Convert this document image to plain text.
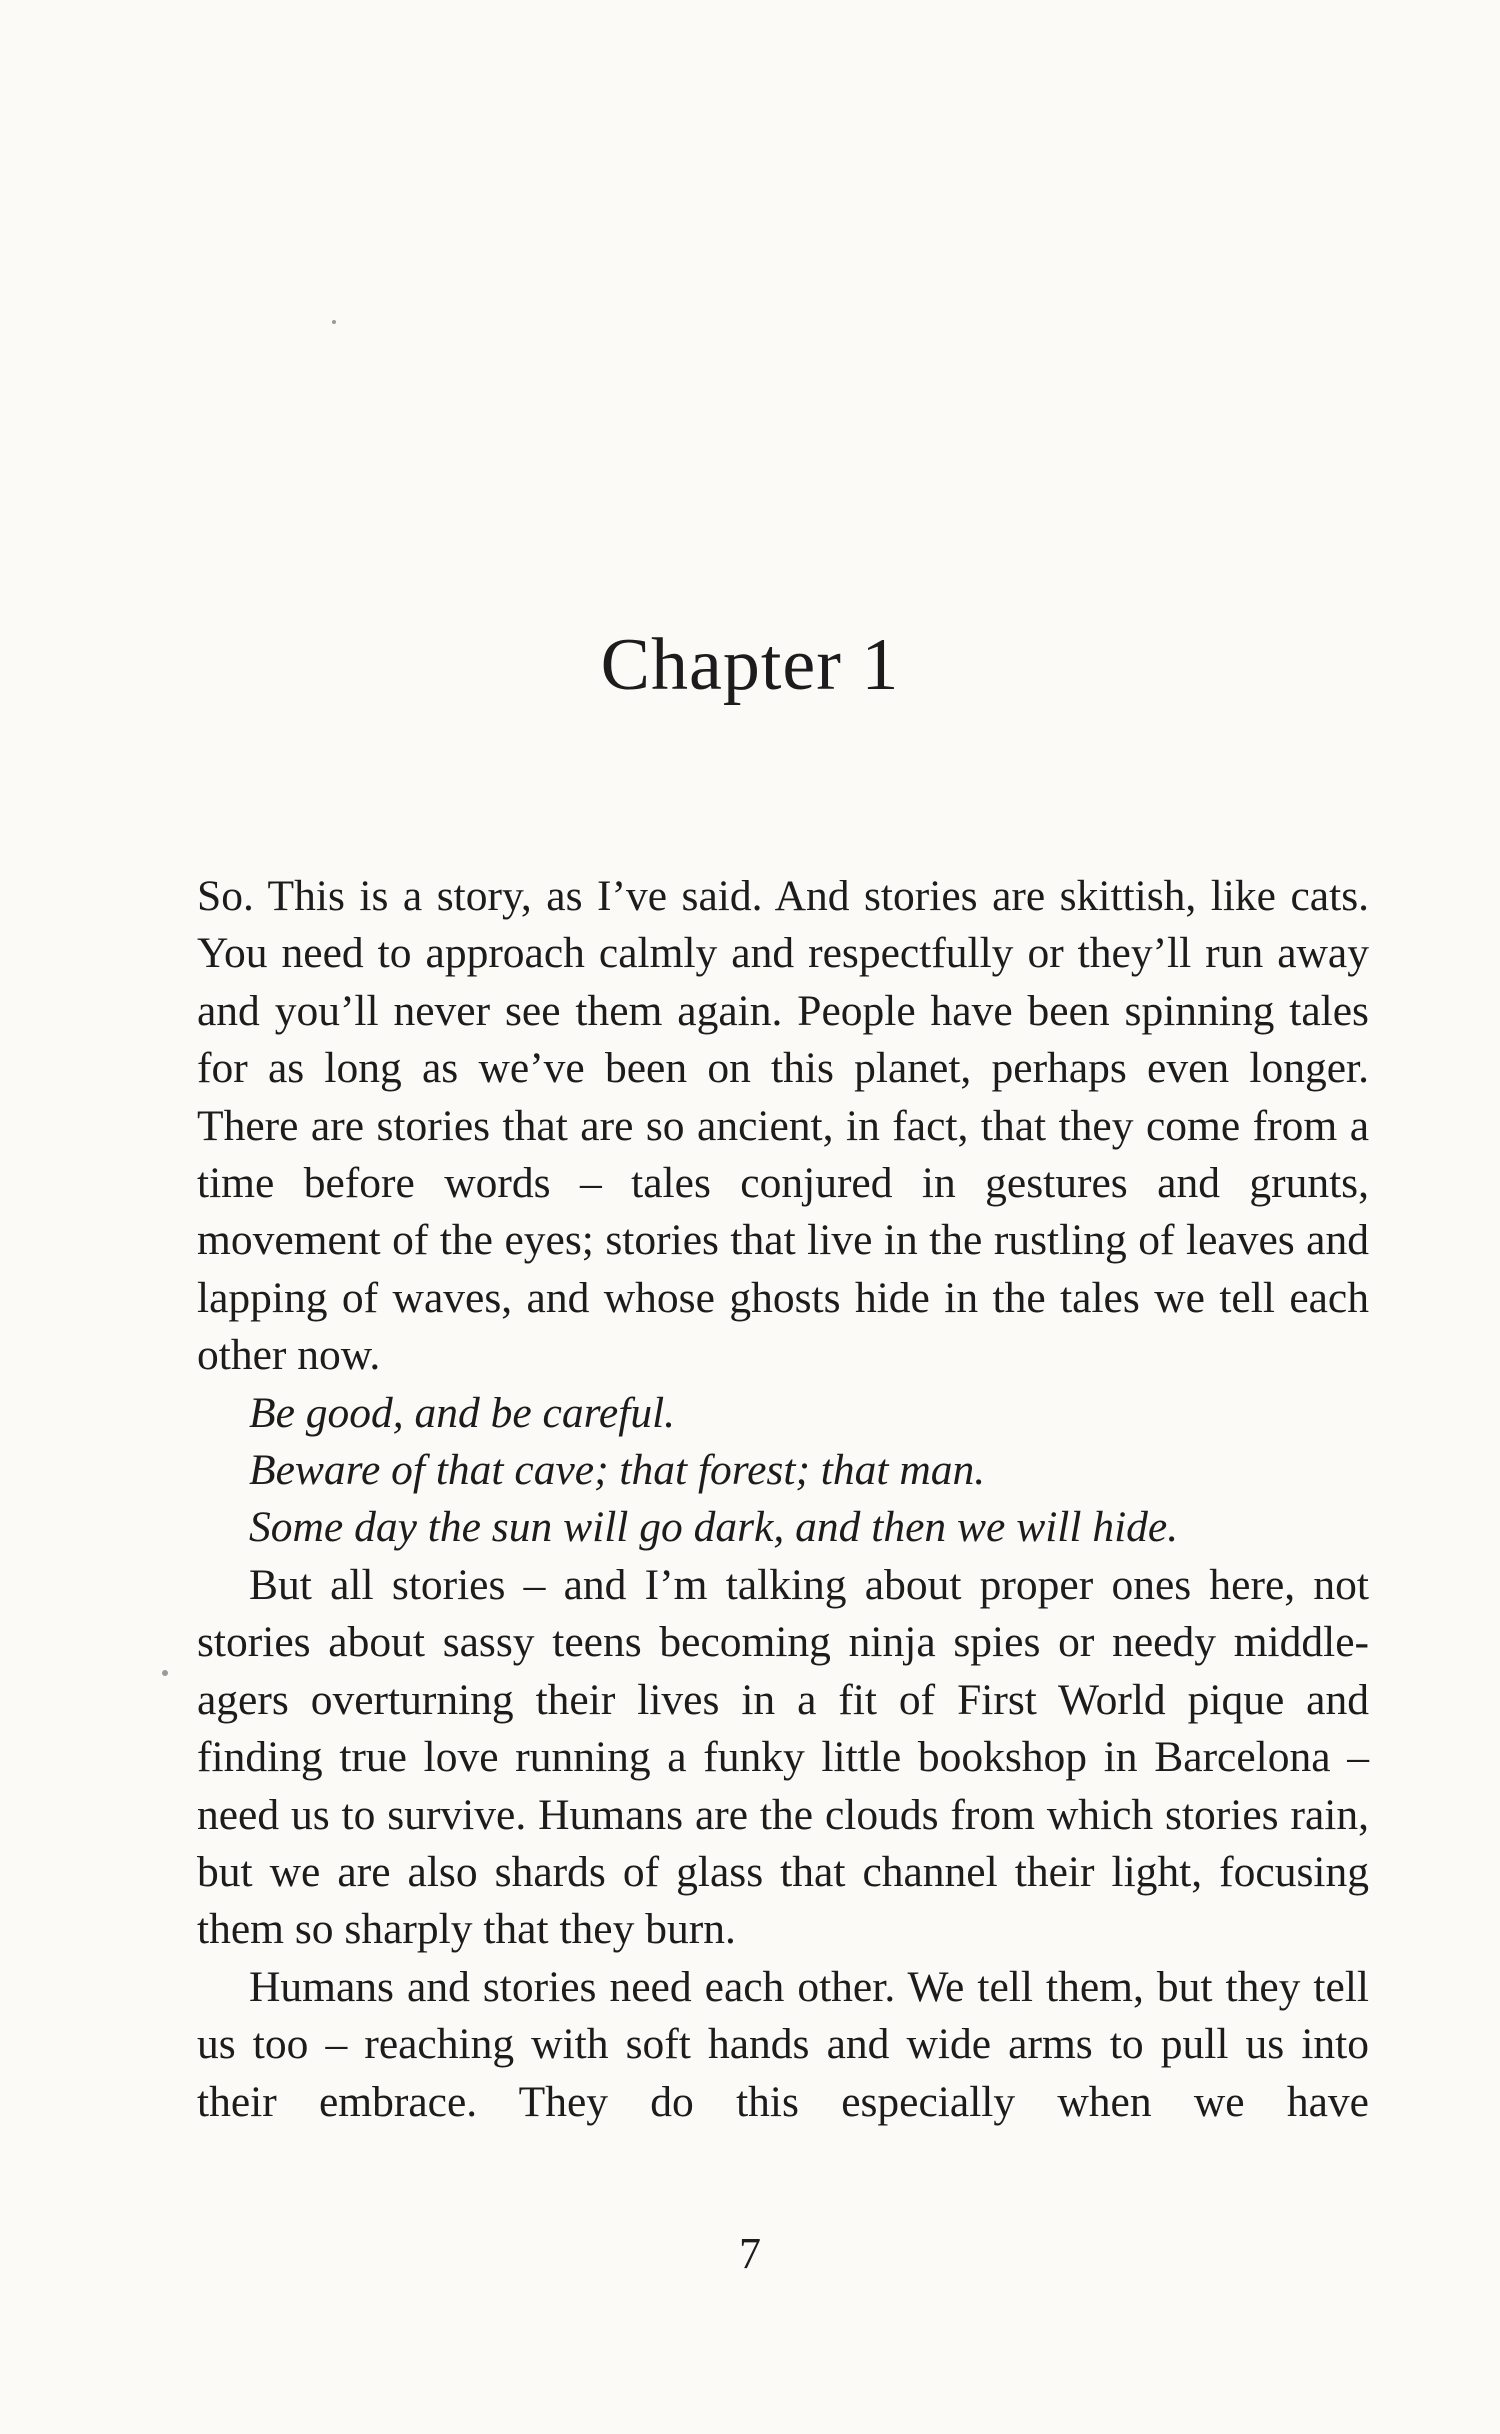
Chapter 1

So. This is a story, as I’ve said. And stories are skittish, like cats. You need to approach calmly and respectfully or they’ll run away and you’ll never see them again. People have been spinning tales for as long as we’ve been on this planet, perhaps even longer. There are stories that are so ancient, in fact, that they come from a time before words – tales conjured in gestures and grunts, movement of the eyes; stories that live in the rustling of leaves and lapping of waves, and whose ghosts hide in the tales we tell each other now.

Be good, and be careful.

Beware of that cave; that forest; that man.

Some day the sun will go dark, and then we will hide.

But all stories – and I’m talking about proper ones here, not stories about sassy teens becoming ninja spies or needy middle-agers overturning their lives in a fit of First World pique and finding true love running a funky little bookshop in Barcelona – need us to survive. Humans are the clouds from which stories rain, but we are also shards of glass that channel their light, focusing them so sharply that they burn.

Humans and stories need each other. We tell them, but they tell us too – reaching with soft hands and wide arms to pull us into their embrace. They do this especially when we have

7
